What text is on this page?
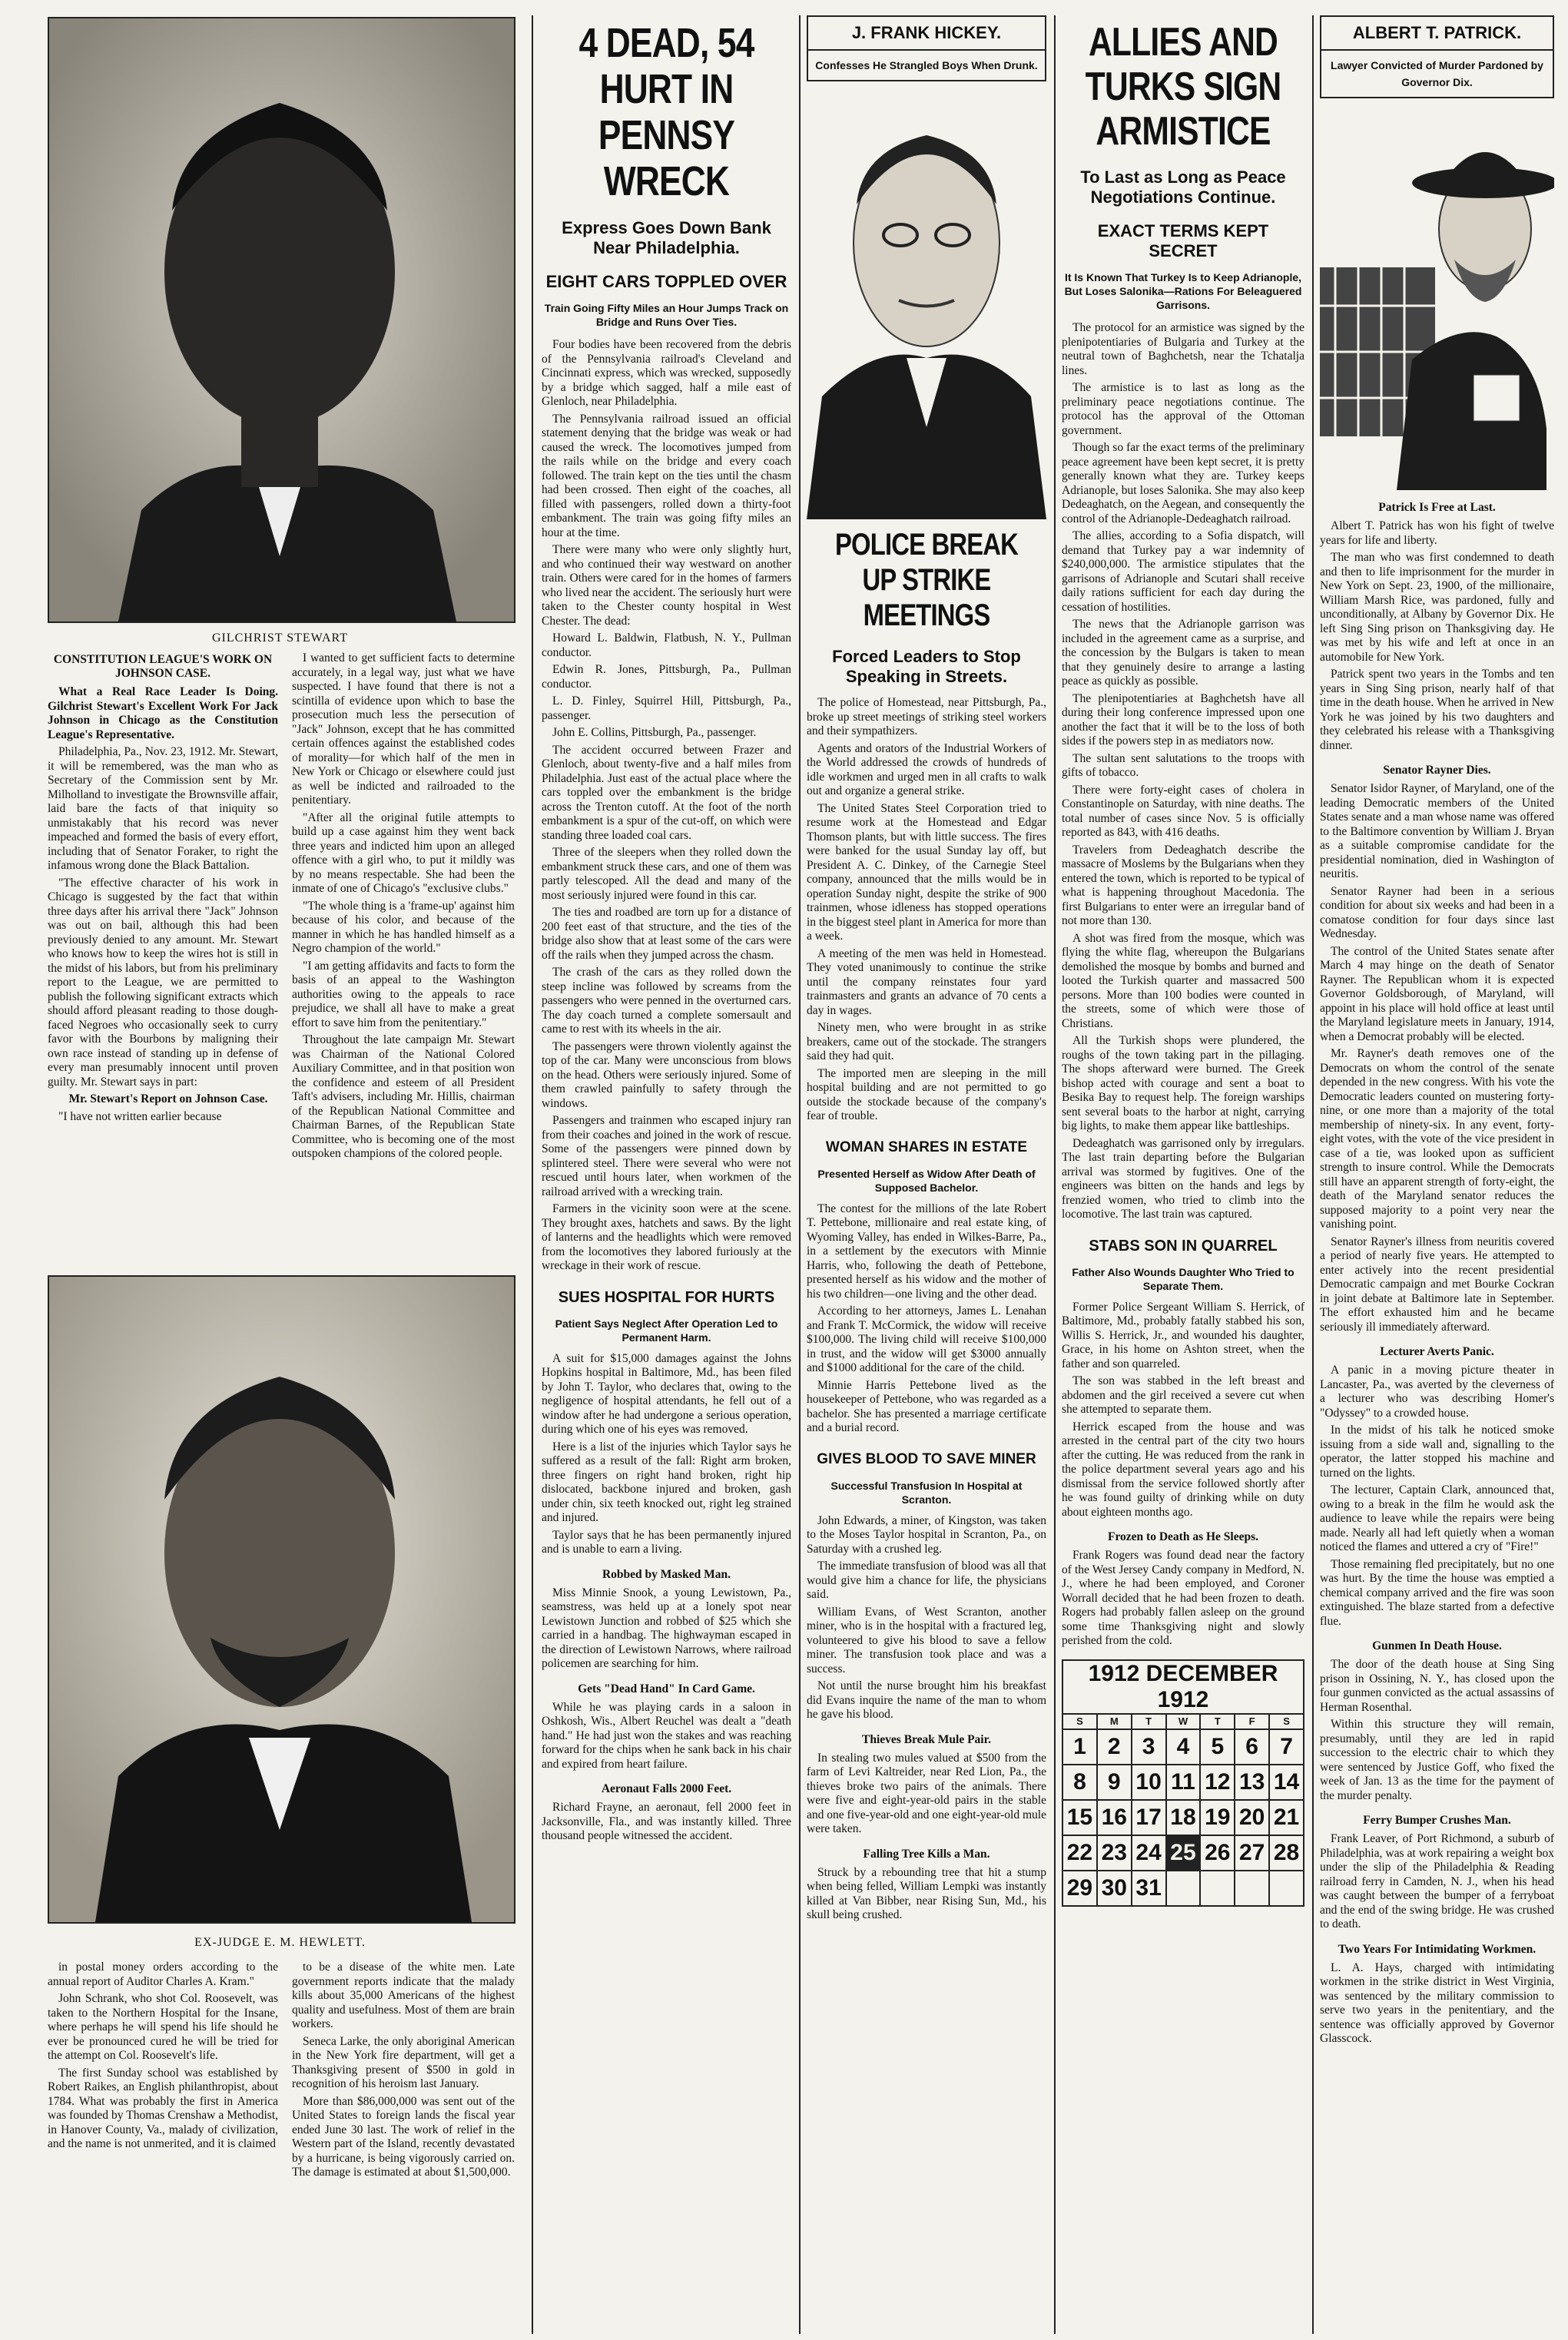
GILCHRIST STEWART
CONSTITUTION LEAGUE'S WORK ON JOHNSON CASE.

What a Real Race Leader Is Doing. Gilchrist Stewart's Excellent Work For Jack Johnson in Chicago as the Constitution League's Representative.

Philadelphia, Pa., Nov. 23, 1912. Mr. Stewart, it will be remembered, was the man who as Secretary of the Commission sent by Mr. Milholland to investigate the Brownsville affair, laid bare the facts of that iniquity so unmistakably that his record was never impeached and formed the basis of every effort, including that of Senator Foraker, to right the infamous wrong done the Black Battalion.

"The effective character of his work in Chicago is suggested by the fact that within three days after his arrival there "Jack" Johnson was out on bail, although this had been previously denied to any amount. Mr. Stewart who knows how to keep the wires hot is still in the midst of his labors, but from his preliminary report to the League, we are permitted to publish the following significant extracts which should afford pleasant reading to those dough-faced Negroes who occasionally seek to curry favor with the Bourbons by maligning their own race instead of standing up in defense of every man presumably innocent until proven guilty. Mr. Stewart says in part:

Mr. Stewart's Report on Johnson Case.

"I have not written earlier because

I wanted to get sufficient facts to determine accurately, in a legal way, just what we have suspected. I have found that there is not a scintilla of evidence upon which to base the prosecution much less the persecution of "Jack" Johnson, except that he has committed certain offences against the established codes of morality—for which half of the men in New York or Chicago or elsewhere could just as well be indicted and railroaded to the penitentiary.

"After all the original futile attempts to build up a case against him they went back three years and indicted him upon an alleged offence with a girl who, to put it mildly was by no means respectable. She had been the inmate of one of Chicago's "exclusive clubs."

"The whole thing is a 'frame-up' against him because of his color, and because of the manner in which he has handled himself as a Negro champion of the world."

"I am getting affidavits and facts to form the basis of an appeal to the Washington authorities owing to the appeals to race prejudice, we shall all have to make a great effort to save him from the penitentiary."

Throughout the late campaign Mr. Stewart was Chairman of the National Colored Auxiliary Committee, and in that position won the confidence and esteem of all President Taft's advisers, including Mr. Hillis, chairman of the Republican National Committee and Chairman Barnes, of the Republican State Committee, who is becoming one of the most outspoken champions of the colored people.

EX-JUDGE E. M. HEWLETT.

in postal money orders according to the annual report of Auditor Charles A. Kram."

John Schrank, who shot Col. Roosevelt, was taken to the Northern Hospital for the Insane, where perhaps he will spend his life should he ever be pronounced cured he will be tried for the attempt on Col. Roosevelt's life.

The first Sunday school was established by Robert Raikes, an English philanthropist, about 1784. What was probably the first in America was founded by Thomas Crenshaw a Methodist, in Hanover County, Va., malady of civilization, and the name is not unmerited, and it is claimed

to be a disease of the white men. Late government reports indicate that the malady kills about 35,000 Americans of the highest quality and usefulness. Most of them are brain workers.

Seneca Larke, the only aboriginal American in the New York fire department, will get a Thanksgiving present of $500 in gold in recognition of his heroism last January.

More than $86,000,000 was sent out of the United States to foreign lands the fiscal year ended June 30 last. The work of relief in the Western part of the Island, recently devastated by a hurricane, is being vigorously carried on. The damage is estimated at about $1,500,000.

4 DEAD, 54 HURT IN PENNSY WRECK
Express Goes Down Bank Near Philadelphia.
EIGHT CARS TOPPLED OVER
Train Going Fifty Miles an Hour Jumps Track on Bridge and Runs Over Ties.

Four bodies have been recovered from the debris of the Pennsylvania railroad's Cleveland and Cincinnati express, which was wrecked, supposedly by a bridge which sagged, half a mile east of Glenloch, near Philadelphia.

The Pennsylvania railroad issued an official statement denying that the bridge was weak or had caused the wreck. The locomotives jumped from the rails while on the bridge and every coach followed. The train kept on the ties until the chasm had been crossed. Then eight of the coaches, all filled with passengers, rolled down a thirty-foot embankment. The train was going fifty miles an hour at the time.

There were many who were only slightly hurt, and who continued their way westward on another train. Others were cared for in the homes of farmers who lived near the accident. The seriously hurt were taken to the Chester county hospital in West Chester. The dead:

Howard L. Baldwin, Flatbush, N. Y., Pullman conductor.

Edwin R. Jones, Pittsburgh, Pa., Pullman conductor.

L. D. Finley, Squirrel Hill, Pittsburgh, Pa., passenger.

John E. Collins, Pittsburgh, Pa., passenger.

The accident occurred between Frazer and Glenloch, about twenty-five and a half miles from Philadelphia. Just east of the actual place where the cars toppled over the embankment is the bridge across the Trenton cutoff. At the foot of the north embankment is a spur of the cut-off, on which were standing three loaded coal cars.

Three of the sleepers when they rolled down the embankment struck these cars, and one of them was partly telescoped. All the dead and many of the most seriously injured were found in this car.

The ties and roadbed are torn up for a distance of 200 feet east of that structure, and the ties of the bridge also show that at least some of the cars were off the rails when they jumped across the chasm.

The crash of the cars as they rolled down the steep incline was followed by screams from the passengers who were penned in the overturned cars. The day coach turned a complete somersault and came to rest with its wheels in the air.

The passengers were thrown violently against the top of the car. Many were unconscious from blows on the head. Others were seriously injured. Some of them crawled painfully to safety through the windows.

Passengers and trainmen who escaped injury ran from their coaches and joined in the work of rescue. Some of the passengers were pinned down by splintered steel. There were several who were not rescued until hours later, when workmen of the railroad arrived with a wrecking train.

Farmers in the vicinity soon were at the scene. They brought axes, hatchets and saws. By the light of lanterns and the headlights which were removed from the locomotives they labored furiously at the wreckage in their work of rescue.

SUES HOSPITAL FOR HURTS
Patient Says Neglect After Operation Led to Permanent Harm.

A suit for $15,000 damages against the Johns Hopkins hospital in Baltimore, Md., has been filed by John T. Taylor, who declares that, owing to the negligence of hospital attendants, he fell out of a window after he had undergone a serious operation, during which one of his eyes was removed.

Here is a list of the injuries which Taylor says he suffered as a result of the fall: Right arm broken, three fingers on right hand broken, right hip dislocated, backbone injured and broken, gash under chin, six teeth knocked out, right leg strained and injured.

Taylor says that he has been permanently injured and is unable to earn a living.

Robbed by Masked Man.

Miss Minnie Snook, a young Lewistown, Pa., seamstress, was held up at a lonely spot near Lewistown Junction and robbed of $25 which she carried in a handbag. The highwayman escaped in the direction of Lewistown Narrows, where railroad policemen are searching for him.

Gets "Dead Hand" In Card Game.

While he was playing cards in a saloon in Oshkosh, Wis., Albert Reuchel was dealt a "death hand." He had just won the stakes and was reaching forward for the chips when he sank back in his chair and expired from heart failure.

Aeronaut Falls 2000 Feet.

Richard Frayne, an aeronaut, fell 2000 feet in Jacksonville, Fla., and was instantly killed. Three thousand people witnessed the accident.

J. FRANK HICKEY.
Confesses He Strangled Boys When Drunk.
POLICE BREAK UP STRIKE MEETINGS
Forced Leaders to Stop Speaking in Streets.

The police of Homestead, near Pittsburgh, Pa., broke up street meetings of striking steel workers and their sympathizers.

Agents and orators of the Industrial Workers of the World addressed the crowds of hundreds of idle workmen and urged men in all crafts to walk out and organize a general strike.

The United States Steel Corporation tried to resume work at the Homestead and Edgar Thomson plants, but with little success. The fires were banked for the usual Sunday lay off, but President A. C. Dinkey, of the Carnegie Steel company, announced that the mills would be in operation Sunday night, despite the strike of 900 trainmen, whose idleness has stopped operations in the biggest steel plant in America for more than a week.

A meeting of the men was held in Homestead. They voted unanimously to continue the strike until the company reinstates four yard trainmasters and grants an advance of 70 cents a day in wages.

Ninety men, who were brought in as strike breakers, came out of the stockade. The strangers said they had quit.

The imported men are sleeping in the mill hospital building and are not permitted to go outside the stockade because of the company's fear of trouble.

WOMAN SHARES IN ESTATE
Presented Herself as Widow After Death of Supposed Bachelor.

The contest for the millions of the late Robert T. Pettebone, millionaire and real estate king, of Wyoming Valley, has ended in Wilkes-Barre, Pa., in a settlement by the executors with Minnie Harris, who, following the death of Pettebone, presented herself as his widow and the mother of his two children—one living and the other dead.

According to her attorneys, James L. Lenahan and Frank T. McCormick, the widow will receive $100,000. The living child will receive $100,000 in trust, and the widow will get $3000 annually and $1000 additional for the care of the child.

Minnie Harris Pettebone lived as the housekeeper of Pettebone, who was regarded as a bachelor. She has presented a marriage certificate and a burial record.

GIVES BLOOD TO SAVE MINER
Successful Transfusion In Hospital at Scranton.

John Edwards, a miner, of Kingston, was taken to the Moses Taylor hospital in Scranton, Pa., on Saturday with a crushed leg.

The immediate transfusion of blood was all that would give him a chance for life, the physicians said.

William Evans, of West Scranton, another miner, who is in the hospital with a fractured leg, volunteered to give his blood to save a fellow miner. The transfusion took place and was a success.

Not until the nurse brought him his breakfast did Evans inquire the name of the man to whom he gave his blood.

Thieves Break Mule Pair.

In stealing two mules valued at $500 from the farm of Levi Kaltreider, near Red Lion, Pa., the thieves broke two pairs of the animals. There were five and eight-year-old pairs in the stable and one five-year-old and one eight-year-old mule were taken.

Falling Tree Kills a Man.

Struck by a rebounding tree that hit a stump when being felled, William Lempki was instantly killed at Van Bibber, near Rising Sun, Md., his skull being crushed.

ALLIES AND TURKS SIGN ARMISTICE
To Last as Long as Peace Negotiations Continue.
EXACT TERMS KEPT SECRET
It Is Known That Turkey Is to Keep Adrianople, But Loses Salonika—Rations For Beleaguered Garrisons.

The protocol for an armistice was signed by the plenipotentiaries of Bulgaria and Turkey at the neutral town of Baghchetsh, near the Tchatalja lines.

The armistice is to last as long as the preliminary peace negotiations continue. The protocol has the approval of the Ottoman government.

Though so far the exact terms of the preliminary peace agreement have been kept secret, it is pretty generally known what they are. Turkey keeps Adrianople, but loses Salonika. She may also keep Dedeaghatch, on the Aegean, and consequently the control of the Adrianople-Dedeaghatch railroad.

The allies, according to a Sofia dispatch, will demand that Turkey pay a war indemnity of $240,000,000. The armistice stipulates that the garrisons of Adrianople and Scutari shall receive daily rations sufficient for each day during the cessation of hostilities.

The news that the Adrianople garrison was included in the agreement came as a surprise, and the concession by the Bulgars is taken to mean that they genuinely desire to arrange a lasting peace as quickly as possible.

The plenipotentiaries at Baghchetsh have all during their long conference impressed upon one another the fact that it will be to the loss of both sides if the powers step in as mediators now.

The sultan sent salutations to the troops with gifts of tobacco.

There were forty-eight cases of cholera in Constantinople on Saturday, with nine deaths. The total number of cases since Nov. 5 is officially reported as 843, with 416 deaths.

Travelers from Dedeaghatch describe the massacre of Moslems by the Bulgarians when they entered the town, which is reported to be typical of what is happening throughout Macedonia. The first Bulgarians to enter were an irregular band of not more than 130.

A shot was fired from the mosque, which was flying the white flag, whereupon the Bulgarians demolished the mosque by bombs and burned and looted the Turkish quarter and massacred 500 persons. More than 100 bodies were counted in the streets, some of which were those of Christians.

All the Turkish shops were plundered, the roughs of the town taking part in the pillaging. The shops afterward were burned. The Greek bishop acted with courage and sent a boat to Besika Bay to request help. The foreign warships sent several boats to the harbor at night, carrying big lights, to make them appear like battleships.

Dedeaghatch was garrisoned only by irregulars. The last train departing before the Bulgarian arrival was stormed by fugitives. One of the engineers was bitten on the hands and legs by frenzied women, who tried to climb into the locomotive. The last train was captured.

STABS SON IN QUARREL
Father Also Wounds Daughter Who Tried to Separate Them.

Former Police Sergeant William S. Herrick, of Baltimore, Md., probably fatally stabbed his son, Willis S. Herrick, Jr., and wounded his daughter, Grace, in his home on Ashton street, when the father and son quarreled.

The son was stabbed in the left breast and abdomen and the girl received a severe cut when she attempted to separate them.

Herrick escaped from the house and was arrested in the central part of the city two hours after the cutting. He was reduced from the rank in the police department several years ago and his dismissal from the service followed shortly after he was found guilty of drinking while on duty about eighteen months ago.

Frozen to Death as He Sleeps.

Frank Rogers was found dead near the factory of the West Jersey Candy company in Medford, N. J., where he had been employed, and Coroner Worrall decided that he had been frozen to death. Rogers had probably fallen asleep on the ground some time Thanksgiving night and slowly perished from the cold.

1912 DECEMBER 1912
S	M	T	W	T	F	S
1	2	3	4	5	6	7
8	9	10	11	12	13	14
15	16	17	18	19	20	21
22	23	24	25	26	27	28
29	30	31				
ALBERT T. PATRICK.
Lawyer Convicted of Murder Pardoned by Governor Dix.
Patrick Is Free at Last.

Albert T. Patrick has won his fight of twelve years for life and liberty.

The man who was first condemned to death and then to life imprisonment for the murder in New York on Sept. 23, 1900, of the millionaire, William Marsh Rice, was pardoned, fully and unconditionally, at Albany by Governor Dix. He left Sing Sing prison on Thanksgiving day. He was met by his wife and left at once in an automobile for New York.

Patrick spent two years in the Tombs and ten years in Sing Sing prison, nearly half of that time in the death house. When he arrived in New York he was joined by his two daughters and they celebrated his release with a Thanksgiving dinner.

Senator Rayner Dies.

Senator Isidor Rayner, of Maryland, one of the leading Democratic members of the United States senate and a man whose name was offered to the Baltimore convention by William J. Bryan as a suitable compromise candidate for the presidential nomination, died in Washington of neuritis.

Senator Rayner had been in a serious condition for about six weeks and had been in a comatose condition for four days since last Wednesday.

The control of the United States senate after March 4 may hinge on the death of Senator Rayner. The Republican whom it is expected Governor Goldsborough, of Maryland, will appoint in his place will hold office at least until the Maryland legislature meets in January, 1914, when a Democrat probably will be elected.

Mr. Rayner's death removes one of the Democrats on whom the control of the senate depended in the new congress. With his vote the Democratic leaders counted on mustering forty-nine, or one more than a majority of the total membership of ninety-six. In any event, forty-eight votes, with the vote of the vice president in case of a tie, was looked upon as sufficient strength to insure control. While the Democrats still have an apparent strength of forty-eight, the death of the Maryland senator reduces the supposed majority to a point very near the vanishing point.

Senator Rayner's illness from neuritis covered a period of nearly five years. He attempted to enter actively into the recent presidential Democratic campaign and met Bourke Cockran in joint debate at Baltimore late in September. The effort exhausted him and he became seriously ill immediately afterward.

Lecturer Averts Panic.

A panic in a moving picture theater in Lancaster, Pa., was averted by the cleverness of a lecturer who was describing Homer's "Odyssey" to a crowded house.

In the midst of his talk he noticed smoke issuing from a side wall and, signalling to the operator, the latter stopped his machine and turned on the lights.

The lecturer, Captain Clark, announced that, owing to a break in the film he would ask the audience to leave while the repairs were being made. Nearly all had left quietly when a woman noticed the flames and uttered a cry of "Fire!"

Those remaining fled precipitately, but no one was hurt. By the time the house was emptied a chemical company arrived and the fire was soon extinguished. The blaze started from a defective flue.

Gunmen In Death House.

The door of the death house at Sing Sing prison in Ossining, N. Y., has closed upon the four gunmen convicted as the actual assassins of Herman Rosenthal.

Within this structure they will remain, presumably, until they are led in rapid succession to the electric chair to which they were sentenced by Justice Goff, who fixed the week of Jan. 13 as the time for the payment of the murder penalty.

Ferry Bumper Crushes Man.

Frank Leaver, of Port Richmond, a suburb of Philadelphia, was at work repairing a weight box under the slip of the Philadelphia & Reading railroad ferry in Camden, N. J., when his head was caught between the bumper of a ferryboat and the end of the swing bridge. He was crushed to death.

Two Years For Intimidating Workmen.

L. A. Hays, charged with intimidating workmen in the strike district in West Virginia, was sentenced by the military commission to serve two years in the penitentiary, and the sentence was officially approved by Governor Glasscock.
